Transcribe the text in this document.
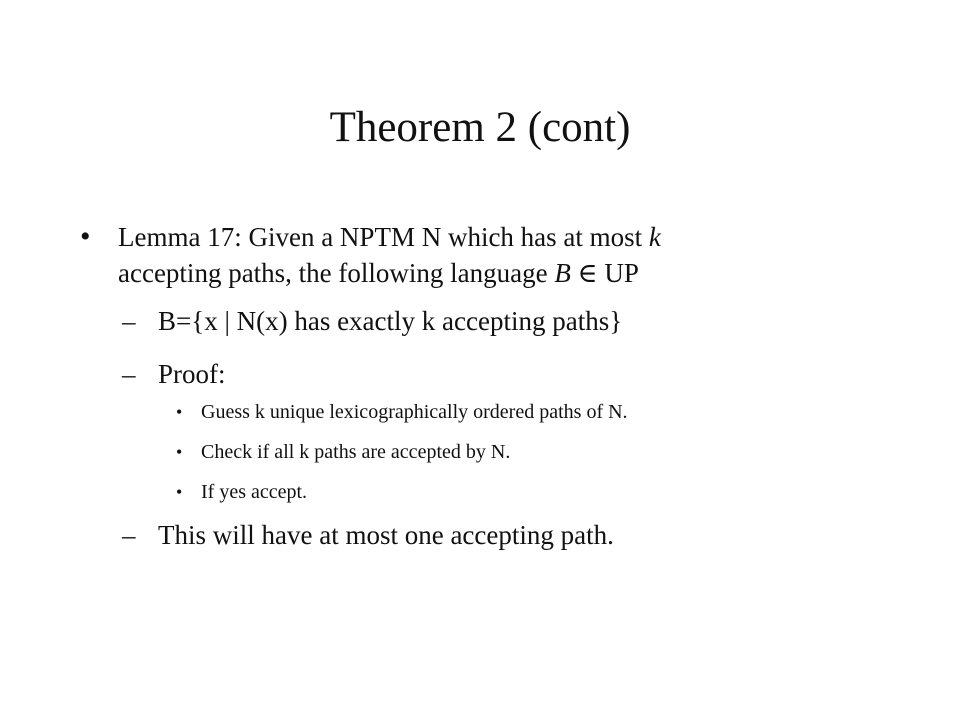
Theorem 2 (cont)
•	Lemma 17: Given a NPTM N which has at most k
accepting paths, the following language B ∈ UP
– B={x | N(x) has exactly k accepting paths}
– Proof:
• Guess k unique lexicographically ordered paths of N.
• Check if all k paths are accepted by N.
• If yes accept.
– This will have at most one accepting path.
